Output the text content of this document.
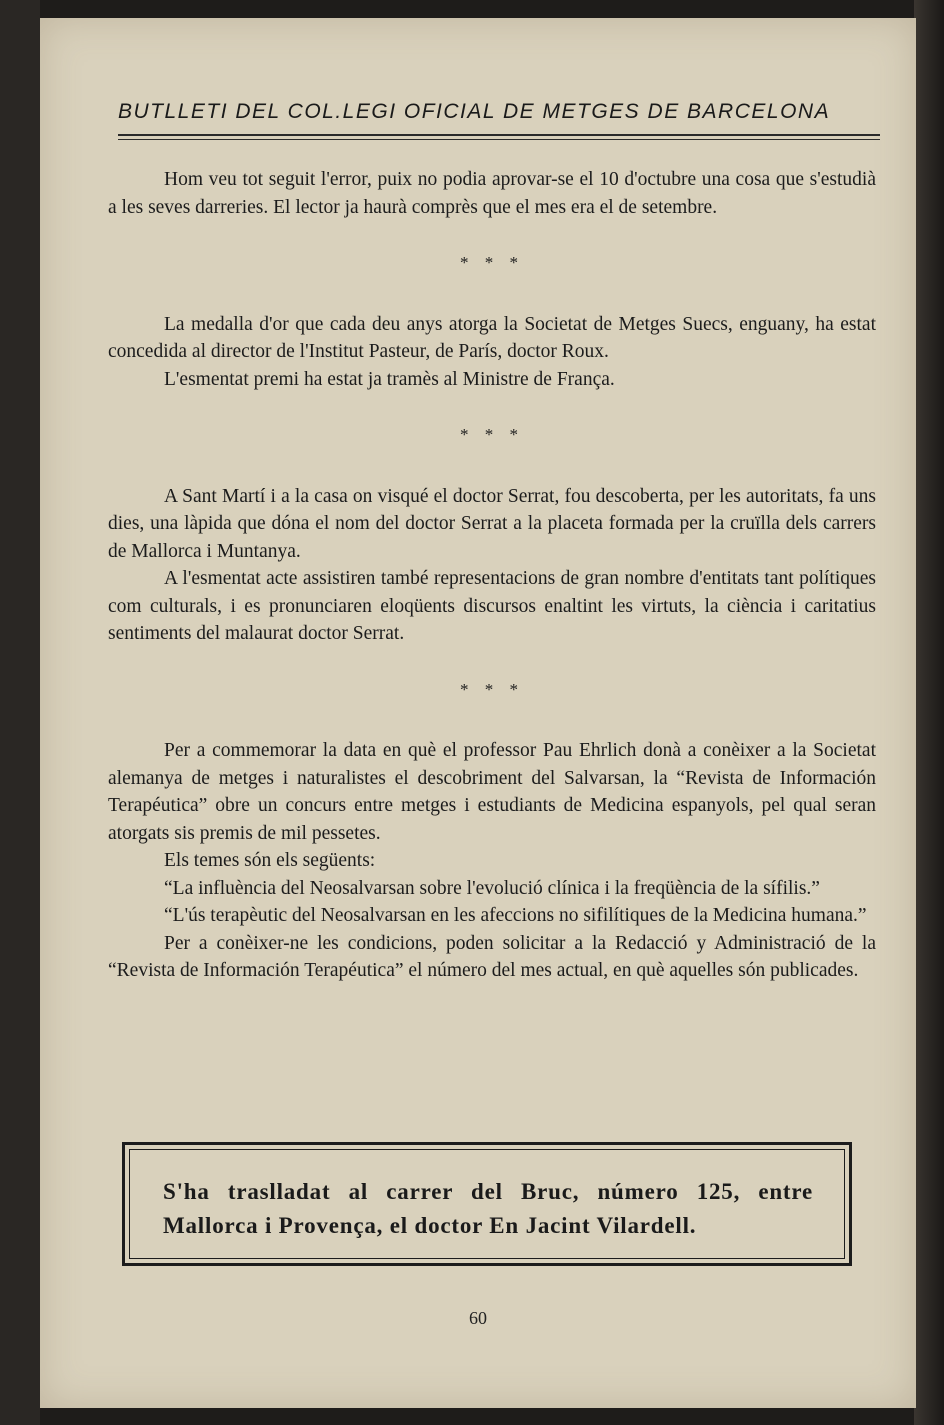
BUTLLETI DEL COL.LEGI OFICIAL DE METGES DE BARCELONA

Hom veu tot seguit l'error, puix no podia aprovar-se el 10 d'octubre una cosa que s'estudià a les seves darreries. El lector ja haurà comprès que el mes era el de setembre.

* * *

La medalla d'or que cada deu anys atorga la Societat de Metges Suecs, enguany, ha estat concedida al director de l'Institut Pasteur, de París, doctor Roux.

L'esmentat premi ha estat ja tramès al Ministre de França.

* * *

A Sant Martí i a la casa on visqué el doctor Serrat, fou descoberta, per les autoritats, fa uns dies, una làpida que dóna el nom del doctor Serrat a la placeta formada per la cruïlla dels carrers de Mallorca i Muntanya.

A l'esmentat acte assistiren també representacions de gran nombre d'entitats tant polítiques com culturals, i es pronunciaren eloqüents discursos enaltint les virtuts, la ciència i caritatius sentiments del malaurat doctor Serrat.

* * *

Per a commemorar la data en què el professor Pau Ehrlich donà a conèixer a la Societat alemanya de metges i naturalistes el descobriment del Salvarsan, la “Revista de Información Terapéutica” obre un concurs entre metges i estudiants de Medicina espanyols, pel qual seran atorgats sis premis de mil pessetes.

Els temes són els següents:

“La influència del Neosalvarsan sobre l'evolució clínica i la freqüència de la sífilis.”

“L'ús terapèutic del Neosalvarsan en les afeccions no sifilítiques de la Medicina humana.”

Per a conèixer-ne les condicions, poden solicitar a la Redacció y Administració de la “Revista de Información Terapéutica” el número del mes actual, en què aquelles són publicades.

S'ha traslladat al carrer del Bruc, número 125, entre Mallorca i Provença, el doctor En Jacint Vilardell.
60
